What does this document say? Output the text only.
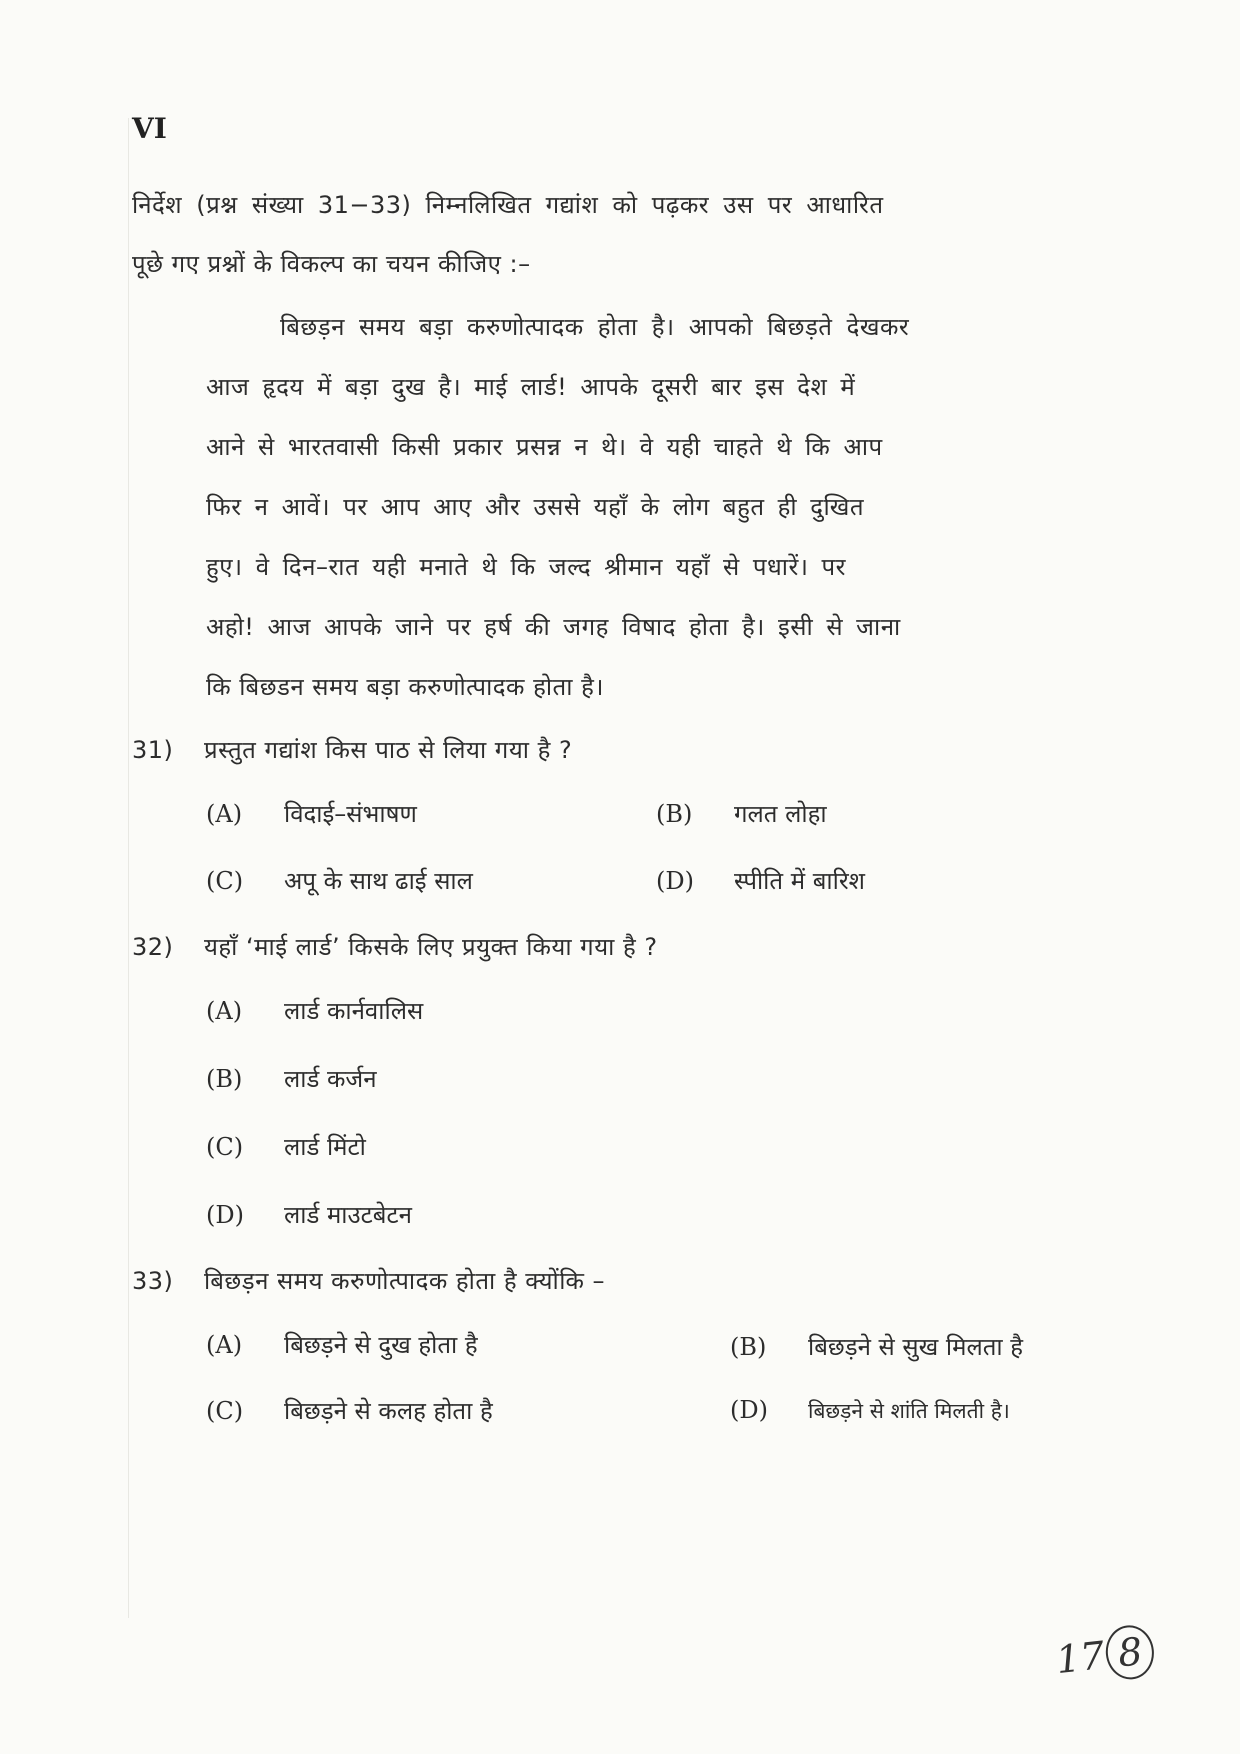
VI
निर्देश (प्रश्न संख्या 31−33) निम्नलिखित गद्यांश को पढ़कर उस पर आधारित
पूछे गए प्रश्नों के विकल्प का चयन कीजिए :–
बिछड़न समय बड़ा करुणोत्पादक होता है। आपको बिछड़ते देखकर
आज हृदय में बड़ा दुख है। माई लार्ड! आपके दूसरी बार इस देश में
आने से भारतवासी किसी प्रकार प्रसन्न न थे। वे यही चाहते थे कि आप
फिर न आवें। पर आप आए और उससे यहाँ के लोग बहुत ही दुखित
हुए। वे दिन–रात यही मनाते थे कि जल्द श्रीमान यहाँ से पधारें। पर
अहो! आज आपके जाने पर हर्ष की जगह विषाद होता है। इसी से जाना
कि बिछडन समय बड़ा करुणोत्पादक होता है।
31) प्रस्तुत गद्यांश किस पाठ से लिया गया है ?
(A) विदाई–संभाषण	(B) गलत लोहा
(C) अपू के साथ ढाई साल	(D) स्पीति में बारिश
32) यहाँ ‘माई लार्ड’ किसके लिए प्रयुक्त किया गया है ?
(A) लार्ड कार्नवालिस
(B) लार्ड कर्जन
(C) लार्ड मिंटो
(D) लार्ड माउटबेटन
33) बिछड़न समय करुणोत्पादक होता है क्योंकि –
(A) बिछड़ने से दुख होता है	(B) बिछड़ने से सुख मिलता है
(C) बिछड़ने से कलह होता है	(D) बिछड़ने से शांति मिलती है।
17 8
